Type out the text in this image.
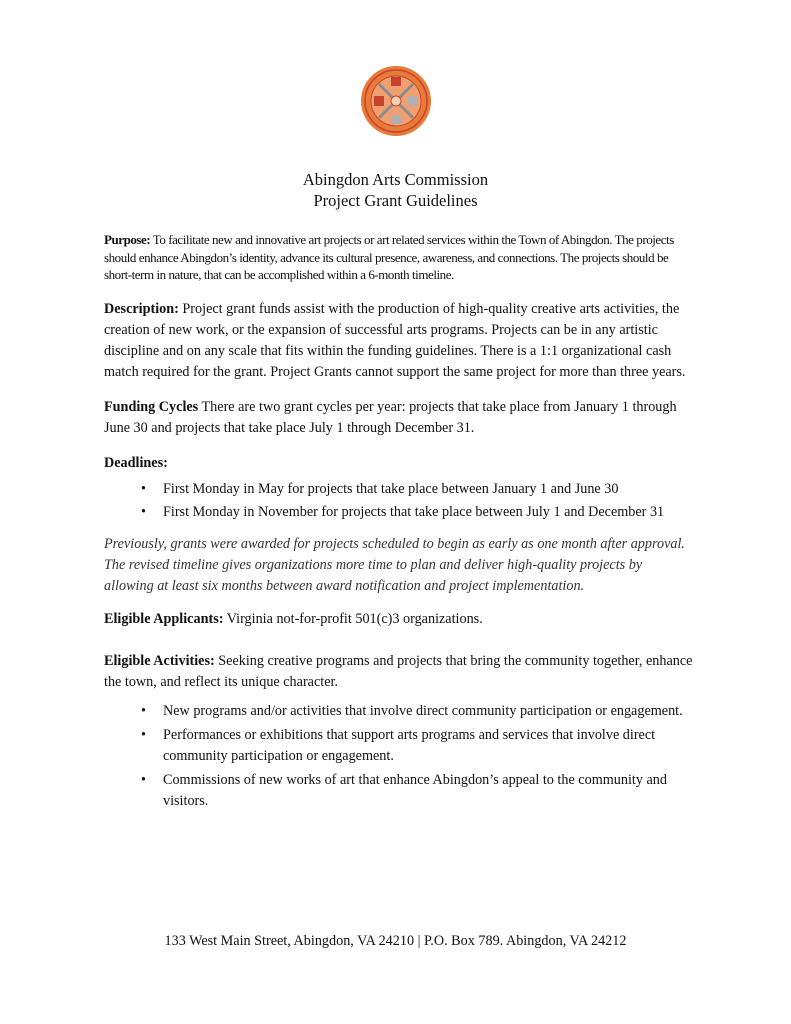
Abingdon Arts Commission
Project Grant Guidelines

Purpose: To facilitate new and innovative art projects or art related services within the Town of Abingdon. The projects should enhance Abingdon’s identity, advance its cultural presence, awareness, and connections. The projects should be short-term in nature, that can be accomplished within a 6-month timeline.

Description: Project grant funds assist with the production of high-quality creative arts activities, the creation of new work, or the expansion of successful arts programs. Projects can be in any artistic discipline and on any scale that fits within the funding guidelines. There is a 1:1 organizational cash match required for the grant. Project Grants cannot support the same project for more than three years.

Funding Cycles There are two grant cycles per year: projects that take place from January 1 through June 30 and projects that take place July 1 through December 31.

Deadlines:

• First Monday in May for projects that take place between January 1 and June 30
• First Monday in November for projects that take place between July 1 and December 31

Previously, grants were awarded for projects scheduled to begin as early as one month after approval. The revised timeline gives organizations more time to plan and deliver high-quality projects by allowing at least six months between award notification and project implementation.

Eligible Applicants: Virginia not-for-profit 501(c)3 organizations.

Eligible Activities: Seeking creative programs and projects that bring the community together, enhance the town, and reflect its unique character.

• New programs and/or activities that involve direct community participation or engagement.
• Performances or exhibitions that support arts programs and services that involve direct community participation or engagement.
• Commissions of new works of art that enhance Abingdon’s appeal to the community and visitors.
133 West Main Street, Abingdon, VA 24210 | P.O. Box 789. Abingdon, VA 24212
